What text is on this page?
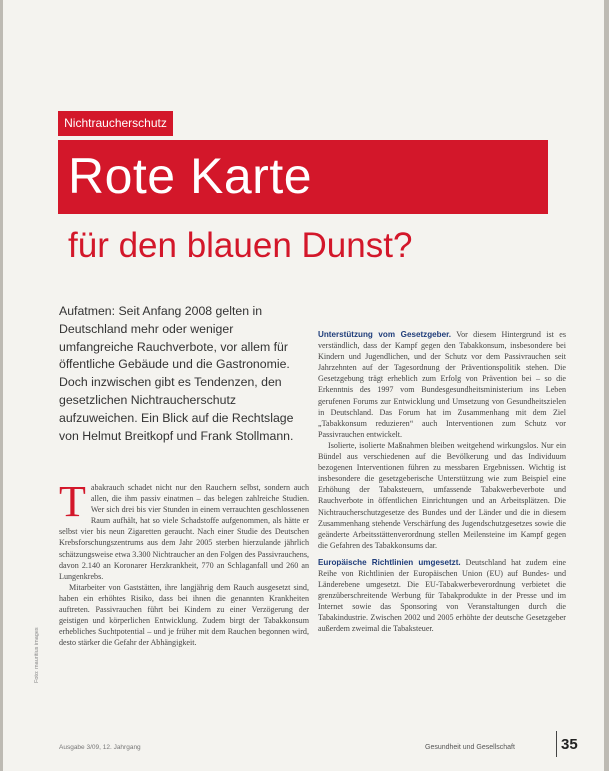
Nichtraucherschutz
Rote Karte
für den blauen Dunst?

Aufatmen: Seit Anfang 2008 gelten in Deutschland mehr oder weniger umfangreiche Rauchverbote, vor allem für öffentliche Gebäude und die Gastronomie. Doch inzwischen gibt es Tendenzen, den gesetzlichen Nichtraucherschutz aufzuweichen. Ein Blick auf die Rechtslage von Helmut Breitkopf und Frank Stollmann.

Tabakrauch schadet nicht nur den Rauchern selbst, sondern auch allen, die ihm passiv einatmen – das belegen zahlreiche Studien. Wer sich drei bis vier Stunden in einem verrauchten geschlossenen Raum aufhält, hat so viele Schadstoffe aufgenommen, als hätte er selbst vier bis neun Zigaretten geraucht. Nach einer Studie des Deutschen Krebsforschungszentrums aus dem Jahr 2005 sterben hierzulande jährlich schätzungsweise etwa 3.300 Nichtraucher an den Folgen des Passivrauchens, davon 2.140 an Koronarer Herzkrankheit, 770 an Schlaganfall und 260 an Lungenkrebs.

Mitarbeiter von Gaststätten, ihre langjährig dem Rauch ausgesetzt sind, haben ein erhöhtes Risiko, dass bei ihnen die genannten Krankheiten auftreten. Passivrauchen führt bei Kindern zu einer Verzögerung der geistigen und körperlichen Entwicklung. Zudem birgt der Tabakkonsum erhebliches Suchtpotential – und je früher mit dem Rauchen begonnen wird, desto stärker die Gefahr der Abhängigkeit.

Unterstützung vom Gesetzgeber. Vor diesem Hintergrund ist es verständlich, dass der Kampf gegen den Tabakkonsum, insbesondere bei Kindern und Jugendlichen, und der Schutz vor dem Passivrauchen seit Jahrzehnten auf der Tagesordnung der Präventionspolitik stehen. Die Gesetzgebung trägt erheblich zum Erfolg von Prävention bei – so die Erkenntnis des 1997 vom Bundesgesundheitsministerium ins Leben gerufenen Forums zur Entwicklung und Umsetzung von Gesundheitszielen in Deutschland. Das Forum hat im Zusammenhang mit dem Ziel „Tabakkonsum reduzieren“ auch Interventionen zum Schutz vor Passivrauchen entwickelt.

Isolierte, isolierte Maßnahmen bleiben weitgehend wirkungslos. Nur ein Bündel aus verschiedenen auf die Bevölkerung und das Individuum bezogenen Interventionen führen zu messbaren Ergebnissen. Wichtig ist insbesondere die gesetzgeberische Unterstützung wie zum Beispiel eine Erhöhung der Tabaksteuern, umfassende Tabakwerbeverbote und Rauchverbote in öffentlichen Einrichtungen und an Arbeitsplätzen. Die Nichtraucherschutzgesetze des Bundes und der Länder und die in diesem Zusammenhang stehende Verschärfung des Jugendschutzgesetzes sowie die geänderte Arbeitsstättenverordnung stellen Meilensteine im Kampf gegen die Gefahren des Tabakkonsums dar.

Europäische Richtlinien umgesetzt. Deutschland hat zudem eine Reihe von Richtlinien der Europäischen Union (EU) auf Bundes- und Länderebene umgesetzt. Die EU-Tabakwerbeverordnung verbietet die grenzüberschreitende Werbung für Tabakprodukte in der Presse und im Internet sowie das Sponsoring von Veranstaltungen durch die Tabakindustrie. Zwischen 2002 und 2005 erhöhte der deutsche Gesetzgeber außerdem zweimal die Tabaksteuer.

Foto: mauritius images
Ausgabe 3/09, 12. Jahrgang	Gesundheit und Gesellschaft	35
